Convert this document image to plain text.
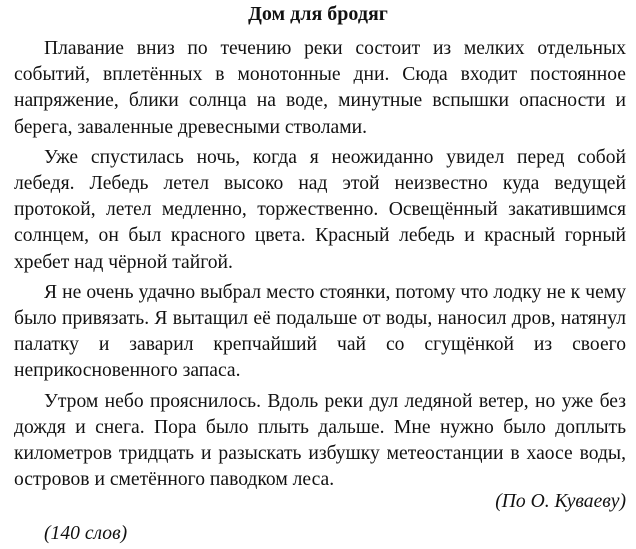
Дом для бродяг

Плавание вниз по течению реки состоит из мелких отдельных событий, вплетённых в монотонные дни. Сюда входит постоянное напряжение, блики солнца на воде, минутные вспышки опасности и берега, заваленные древесными стволами.

Уже спустилась ночь, когда я неожиданно увидел перед собой лебедя. Лебедь летел высоко над этой неизвестно куда ведущей протокой, летел медленно, торжественно. Освещённый закатившимся солнцем, он был красного цвета. Красный лебедь и красный горный хребет над чёрной тайгой.

Я не очень удачно выбрал место стоянки, потому что лодку не к чему было привязать. Я вытащил её подальше от воды, наносил дров, натянул палатку и заварил крепчайший чай со сгущёнкой из своего неприкосновенного запаса.

Утром небо прояснилось. Вдоль реки дул ледяной ветер, но уже без дождя и снега. Пора было плыть дальше. Мне нужно было доплыть километров тридцать и разыскать избушку метеостанции в хаосе воды, островов и сметённого паводком леса.

(По О. Куваеву)
(140 слов)
